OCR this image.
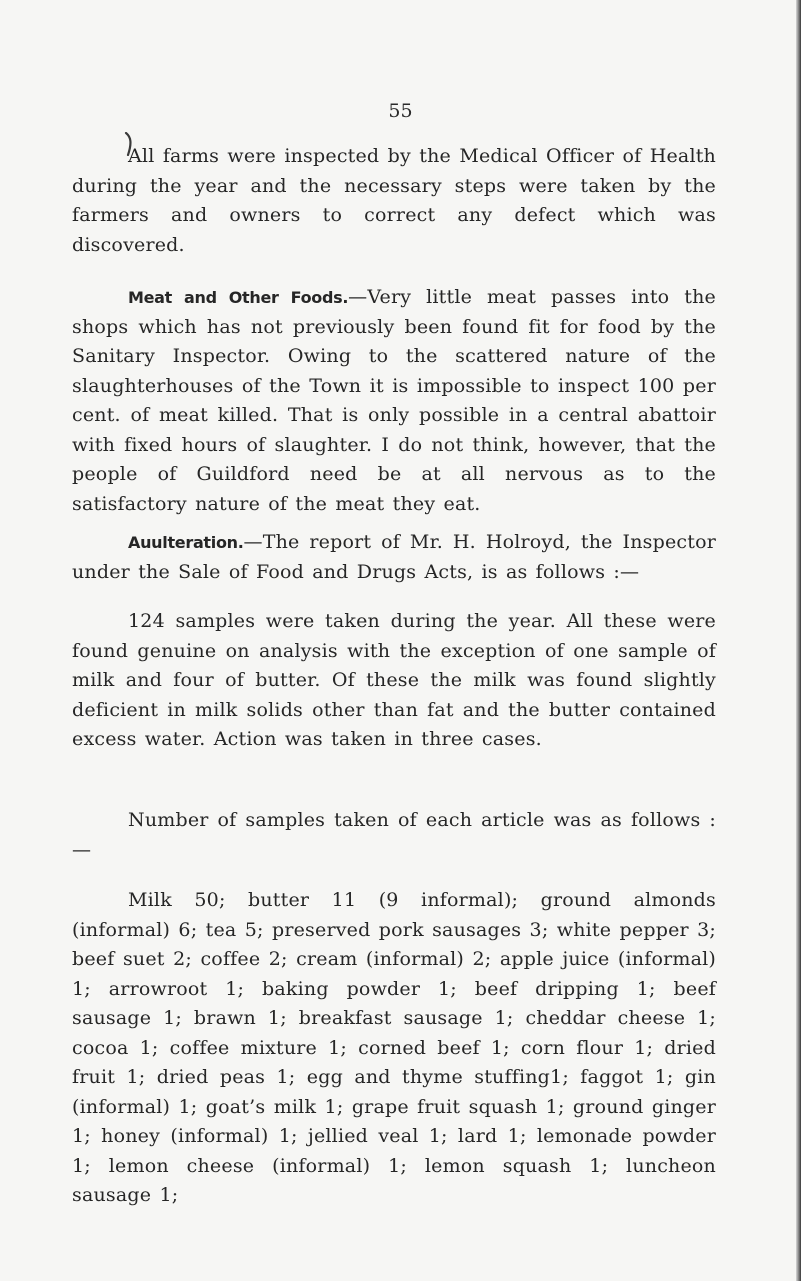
55

All farms were inspected by the Medical Officer of Health during the year and the necessary steps were taken by the farmers and owners to correct any defect which was discovered.

Meat and Other Foods.—Very little meat passes into the shops which has not previously been found fit for food by the Sanitary Inspector. Owing to the scattered nature of the slaughterhouses of the Town it is impossible to inspect 100 per cent. of meat killed. That is only possible in a central abattoir with fixed hours of slaughter. I do not think, however, that the people of Guildford need be at all nervous as to the satisfactory nature of the meat they eat.

Auulteration.—The report of Mr. H. Holroyd, the Inspector under the Sale of Food and Drugs Acts, is as follows :—

124 samples were taken during the year. All these were found genuine on analysis with the exception of one sample of milk and four of butter. Of these the milk was found slightly deficient in milk solids other than fat and the butter contained excess water. Action was taken in three cases.

Number of samples taken of each article was as follows :—

Milk 50; butter 11 (9 informal); ground almonds (informal) 6; tea 5; preserved pork sausages 3; white pepper 3; beef suet 2; coffee 2; cream (informal) 2; apple juice (informal) 1; arrowroot 1; baking powder 1; beef dripping 1; beef sausage 1; brawn 1; breakfast sausage 1; cheddar cheese 1; cocoa 1; coffee mixture 1; corned beef 1; corn flour 1; dried fruit 1; dried peas 1; egg and thyme stuffing1; faggot 1; gin (informal) 1; goat’s milk 1; grape fruit squash 1; ground ginger 1; honey (informal) 1; jellied veal 1; lard 1; lemonade powder 1; lemon cheese (informal) 1; lemon squash 1; luncheon sausage 1;
